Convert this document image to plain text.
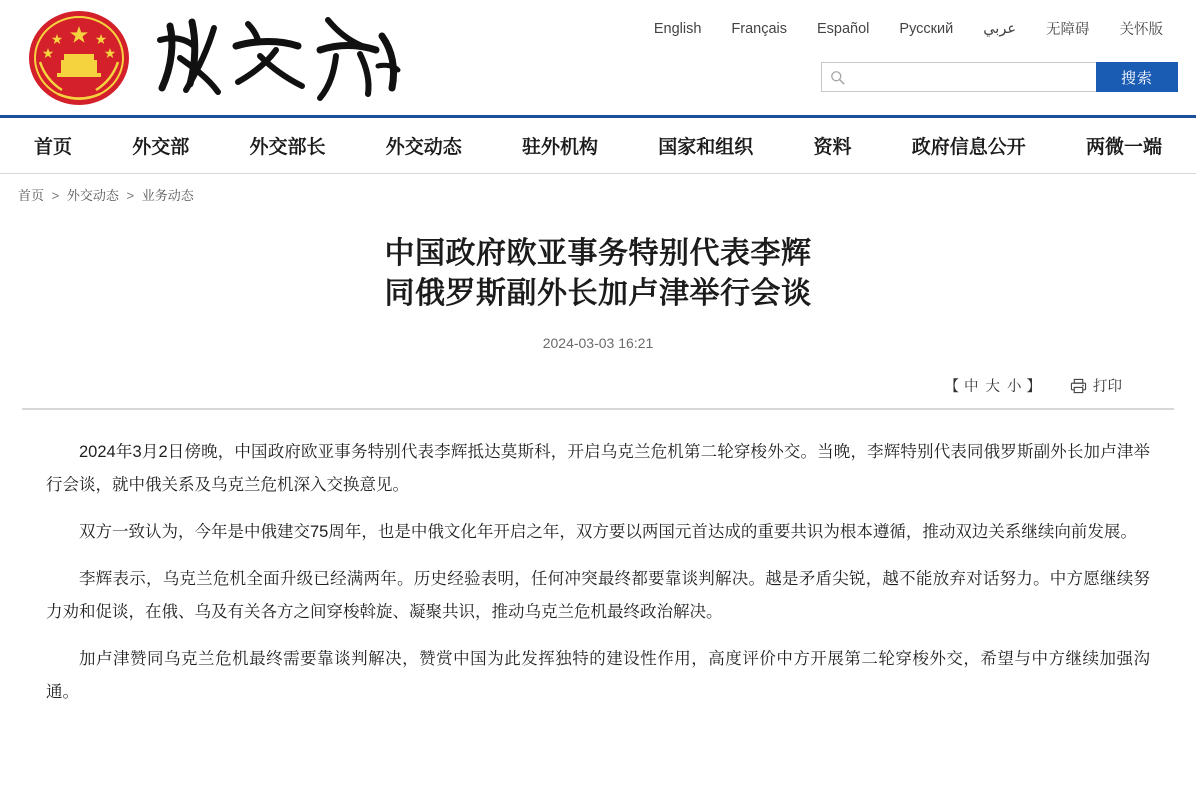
English	Français	Español	Русский	عربي	无障碍	关怀版
搜索
首页	外交部	外交部长	外交动态	驻外机构	国家和组织	资料	政府信息公开	两微一端
首页 > 外交动态 > 业务动态
中国政府欧亚事务特别代表李辉
同俄罗斯副外长加卢津举行会谈
2024-03-03 16:21
【 中 大 小 】	打印

2024年3月2日傍晚，中国政府欧亚事务特别代表李辉抵达莫斯科，开启乌克兰危机第二轮穿梭外交。当晚，李辉特别代表同俄罗斯副外长加卢津举行会谈，就中俄关系及乌克兰危机深入交换意见。

双方一致认为，今年是中俄建交75周年，也是中俄文化年开启之年，双方要以两国元首达成的重要共识为根本遵循，推动双边关系继续向前发展。

李辉表示，乌克兰危机全面升级已经满两年。历史经验表明，任何冲突最终都要靠谈判解决。越是矛盾尖锐，越不能放弃对话努力。中方愿继续努力劝和促谈，在俄、乌及有关各方之间穿梭斡旋、凝聚共识，推动乌克兰危机最终政治解决。

加卢津赞同乌克兰危机最终需要靠谈判解决，赞赏中国为此发挥独特的建设性作用，高度评价中方开展第二轮穿梭外交，希望与中方继续加强沟通。
